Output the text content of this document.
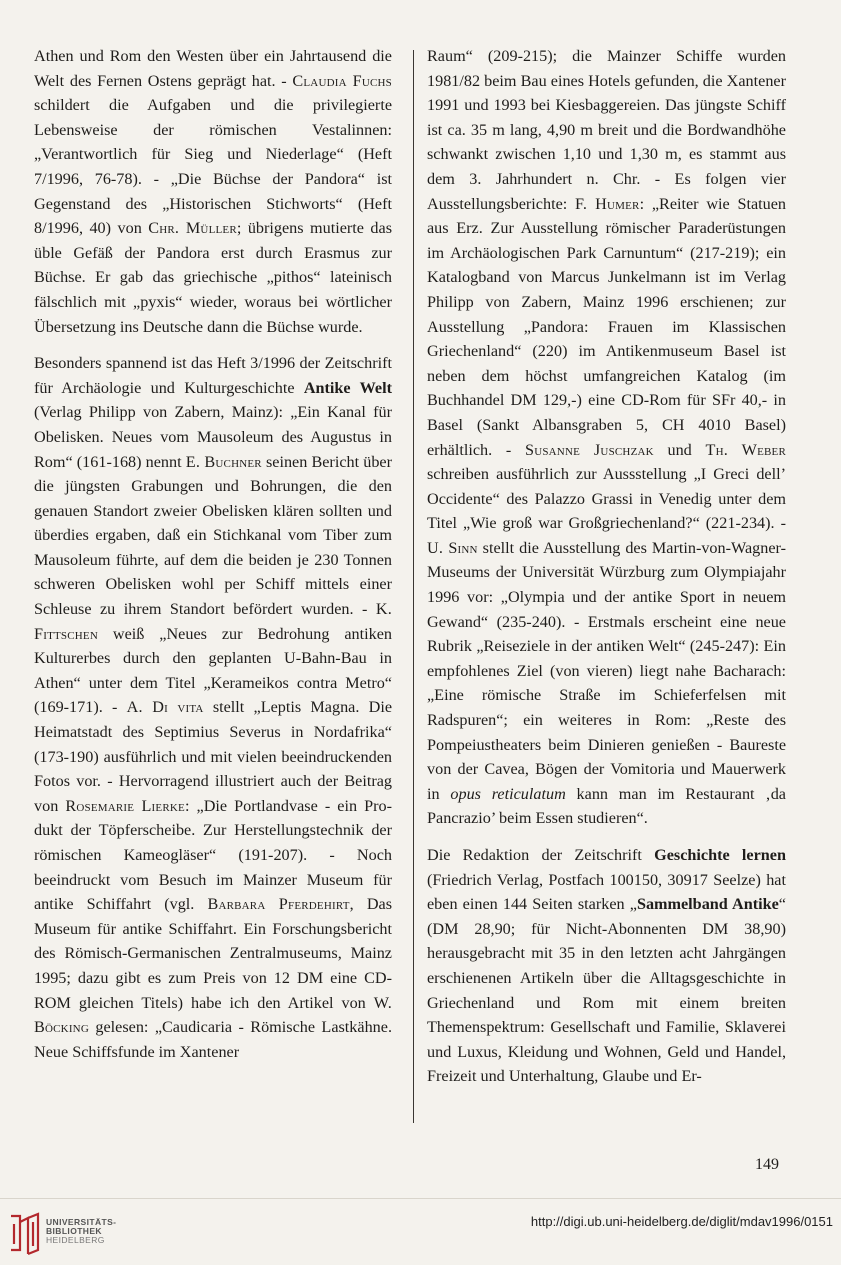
Athen und Rom den Westen über ein Jahrtausend die Welt des Fernen Ostens geprägt hat. - Claudia Fuchs schildert die Aufgaben und die privilegierte Lebensweise der römischen Vestalinnen: „Verantwortlich für Sieg und Niederlage“ (Heft 7/1996, 76-78). - „Die Büchse der Pandora“ ist Gegenstand des „Historischen Stichworts“ (Heft 8/1996, 40) von Chr. Müller; übrigens mutierte das üble Gefäß der Pandora erst durch Erasmus zur Büchse. Er gab das griechische „pithos“ lateinisch fälschlich mit „pyxis“ wieder, woraus bei wörtlicher Übersetzung ins Deutsche dann die Büchse wurde.

Besonders spannend ist das Heft 3/1996 der Zeitschrift für Archäologie und Kulturgeschichte Antike Welt (Verlag Philipp von Zabern, Mainz): „Ein Kanal für Obelisken. Neues vom Mausoleum des Augustus in Rom“ (161-168) nennt E. Buchner seinen Bericht über die jüngsten Grabungen und Bohrungen, die den genauen Standort zweier Obelisken klären sollten und überdies ergaben, daß ein Stichkanal vom Tiber zum Mausoleum führte, auf dem die beiden je 230 Tonnen schweren Obelisken wohl per Schiff mittels einer Schleuse zu ihrem Standort befördert wurden. - K. Fittschen weiß „Neues zur Bedrohung antiken Kulturerbes durch den geplanten U-Bahn-Bau in Athen“ unter dem Titel „Kerameikos contra Metro“ (169-171). - A. Di vita stellt „Leptis Magna. Die Heimatstadt des Septimius Severus in Nordafrika“ (173-190) ausführlich und mit vielen beeindruckenden Fotos vor. - Hervorragend illustriert auch der Beitrag von Rosemarie Lierke: „Die Portlandvase - ein Produkt der Töpferscheibe. Zur Herstellungstechnik der römischen Kameogläser“ (191-207). - Noch beeindruckt vom Besuch im Mainzer Museum für antike Schiffahrt (vgl. Barbara Pferdehirt, Das Museum für antike Schiffahrt. Ein Forschungsbericht des Römisch-Germanischen Zentralmuseums, Mainz 1995; dazu gibt es zum Preis von 12 DM eine CD-ROM gleichen Titels) habe ich den Artikel von W. Böcking gelesen: „Caudicaria - Römische Lastkähne. Neue Schiffsfunde im Xantener

Raum“ (209-215); die Mainzer Schiffe wurden 1981/82 beim Bau eines Hotels gefunden, die Xantener 1991 und 1993 bei Kiesbaggereien. Das jüngste Schiff ist ca. 35 m lang, 4,90 m breit und die Bordwandhöhe schwankt zwischen 1,10 und 1,30 m, es stammt aus dem 3. Jahrhundert n. Chr. - Es folgen vier Ausstellungsberichte: F. Humer: „Reiter wie Statuen aus Erz. Zur Ausstellung römischer Paraderüstungen im Archäologischen Park Carnuntum“ (217-219); ein Katalogband von Marcus Junkelmann ist im Verlag Philipp von Zabern, Mainz 1996 erschienen; zur Ausstellung „Pandora: Frauen im Klassischen Griechenland“ (220) im Antikenmuseum Basel ist neben dem höchst umfangreichen Katalog (im Buchhandel DM 129,-) eine CD-Rom für SFr 40,- in Basel (Sankt Albansgraben 5, CH 4010 Basel) erhältlich. - Susanne Juschzak und Th. Weber schreiben ausführlich zur Aussstellung „I Greci dell’ Occidente“ des Palazzo Grassi in Venedig unter dem Titel „Wie groß war Großgriechenland?“ (221-234). - U. Sinn stellt die Ausstellung des Martin-von-Wagner-Museums der Universität Würzburg zum Olympiajahr 1996 vor: „Olympia und der antike Sport in neuem Gewand“ (235-240). - Erstmals erscheint eine neue Rubrik „Reiseziele in der antiken Welt“ (245-247): Ein empfohlenes Ziel (von vieren) liegt nahe Bacharach: „Eine römische Straße im Schieferfelsen mit Radspuren“; ein weiteres in Rom: „Reste des Pompeiustheaters beim Dinieren genießen - Baureste von der Cavea, Bögen der Vomitoria und Mauerwerk in opus reticulatum kann man im Restaurant ‚da Pancrazio’ beim Essen studieren“.

Die Redaktion der Zeitschrift Geschichte lernen (Friedrich Verlag, Postfach 100150, 30917 Seelze) hat eben einen 144 Seiten starken „Sammelband Antike“ (DM 28,90; für Nicht-Abonnenten DM 38,90) herausgebracht mit 35 in den letzten acht Jahrgängen erschienenen Artikeln über die Alltagsgeschichte in Griechenland und Rom mit einem breiten Themenspektrum: Gesellschaft und Familie, Sklaverei und Luxus, Kleidung und Wohnen, Geld und Handel, Freizeit und Unterhaltung, Glaube und Er-

149
UNIVERSITÄTS-
BIBLIOTHEK
HEIDELBERG
http://digi.ub.uni-heidelberg.de/diglit/mdav1996/0151
